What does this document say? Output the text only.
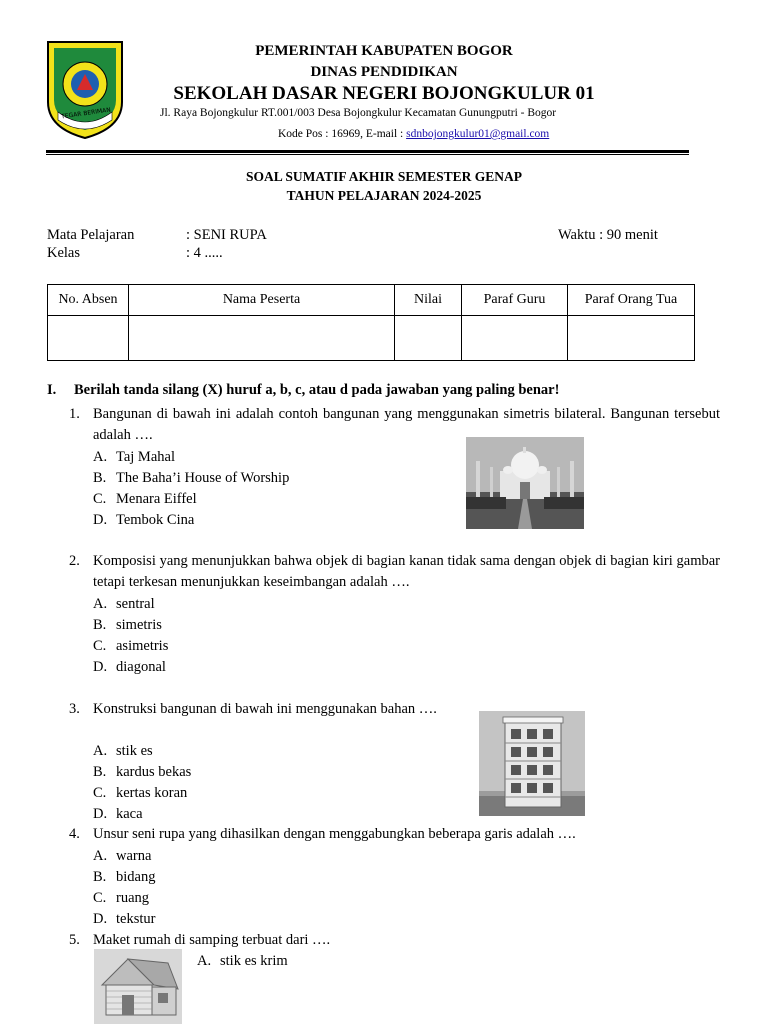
TEGAR BERIMAN
PEMERINTAH KABUPATEN BOGOR
DINAS PENDIDIKAN
SEKOLAH DASAR NEGERI BOJONGKULUR 01
Jl. Raya Bojongkulur RT.001/003 Desa Bojongkulur Kecamatan Gunungputri - Bogor
Kode Pos : 16969, E-mail : sdnbojongkulur01@gmail.com
SOAL SUMATIF AKHIR SEMESTER GENAP
TAHUN PELAJARAN 2024-2025
Mata Pelajaran	: SENI RUPA	Waktu : 90 menit
Kelas	: 4 .....
No. Absen	Nama Peserta	Nilai	Paraf Guru	Paraf Orang Tua

I. Berilah tanda silang (X) huruf a, b, c, atau d pada jawaban yang paling benar!
1. Bangunan di bawah ini adalah contoh bangunan yang menggunakan simetris bilateral. Bangunan tersebut adalah ….
A. Taj Mahal
B. The Baha’i House of Worship
C. Menara Eiffel
D. Tembok Cina
2. Komposisi yang menunjukkan bahwa objek di bagian kanan tidak sama dengan objek di bagian kiri gambar tetapi terkesan menunjukkan keseimbangan adalah ….
A. sentral
B. simetris
C. asimetris
D. diagonal
3. Konstruksi bangunan di bawah ini menggunakan bahan ….
A. stik es
B. kardus bekas
C. kertas koran
D. kaca
4. Unsur seni rupa yang dihasilkan dengan menggabungkan beberapa garis adalah ….
A. warna
B. bidang
C. ruang
D. tekstur
5. Maket rumah di samping terbuat dari ….
A. stik es krim
